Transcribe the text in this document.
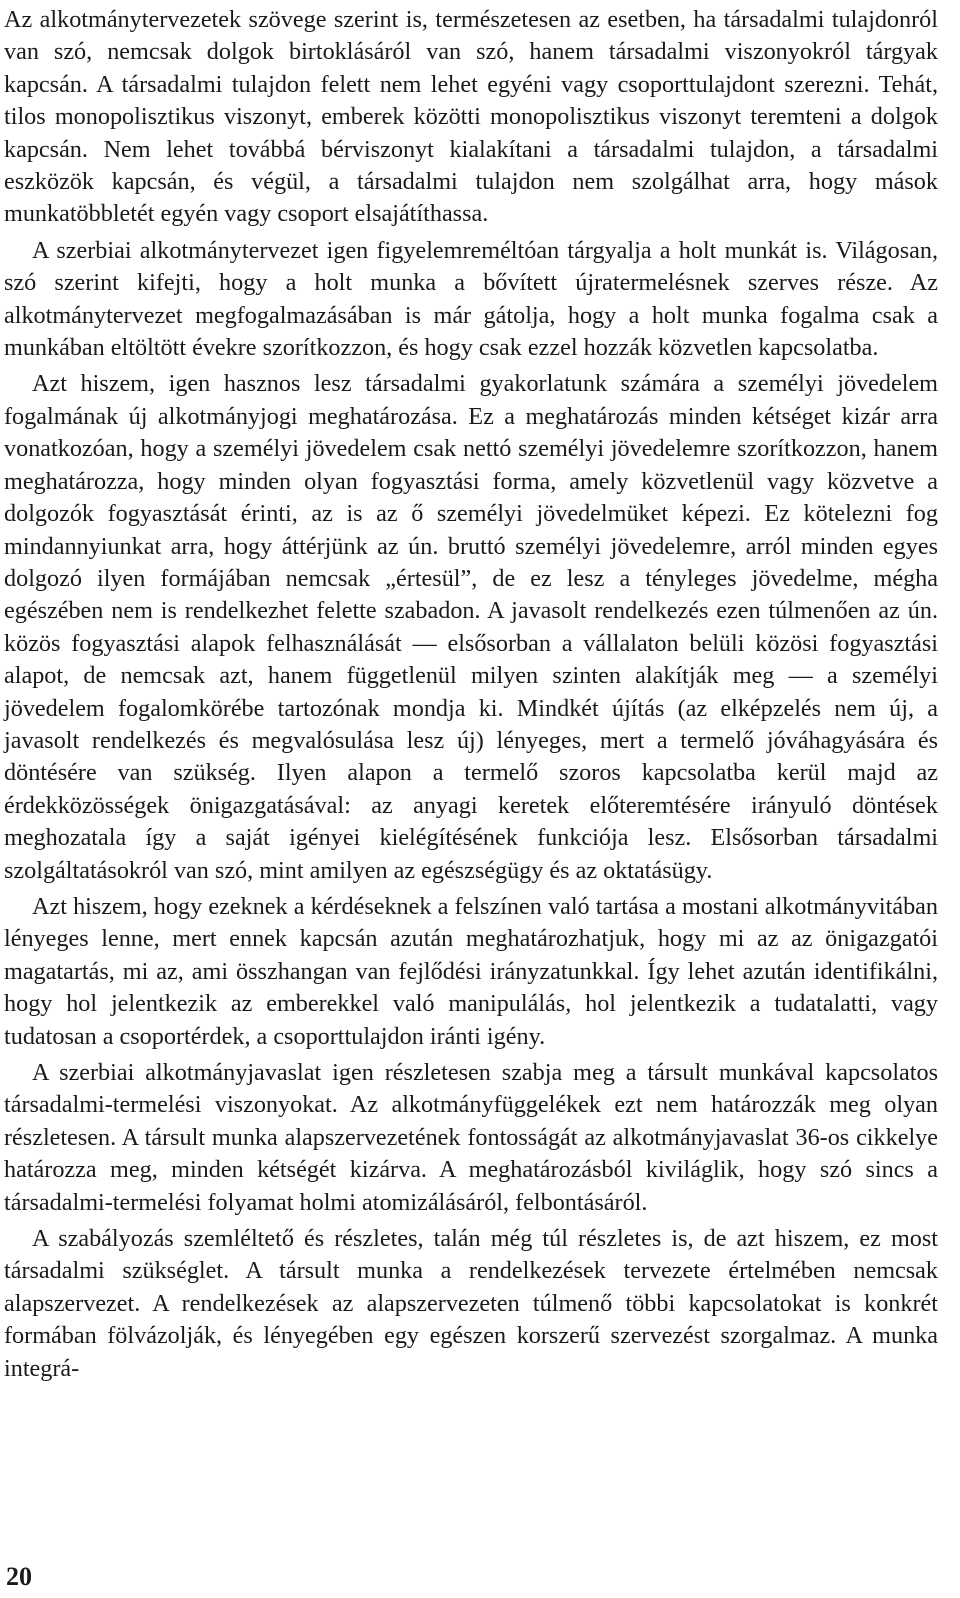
Az alkotmánytervezetek szövege szerint is, természetesen az esetben, ha társadalmi tulajdonról van szó, nemcsak dolgok birtoklásáról van szó, hanem társadalmi viszonyokról tárgyak kapcsán. A társadalmi tulajdon felett nem lehet egyéni vagy csoporttulajdont szerezni. Tehát, tilos monopolisztikus viszonyt, emberek közötti monopolisztikus viszonyt teremteni a dolgok kapcsán. Nem lehet továbbá bérviszonyt kialakítani a társadalmi tulajdon, a társadalmi eszközök kapcsán, és végül, a társadalmi tulajdon nem szolgálhat arra, hogy mások munkatöbbletét egyén vagy csoport elsajátíthassa.

A szerbiai alkotmánytervezet igen figyelemreméltóan tárgyalja a holt munkát is. Világosan, szó szerint kifejti, hogy a holt munka a bővített újratermelésnek szerves része. Az alkotmánytervezet megfogalmazásában is már gátolja, hogy a holt munka fogalma csak a munkában eltöltött évekre szorítkozzon, és hogy csak ezzel hozzák közvetlen kapcsolatba.

Azt hiszem, igen hasznos lesz társadalmi gyakorlatunk számára a személyi jövedelem fogalmának új alkotmányjogi meghatározása. Ez a meghatározás minden kétséget kizár arra vonatkozóan, hogy a személyi jövedelem csak nettó személyi jövedelemre szorítkozzon, hanem meghatározza, hogy minden olyan fogyasztási forma, amely közvetlenül vagy közvetve a dolgozók fogyasztását érinti, az is az ő személyi jövedelmüket képezi. Ez kötelezni fog mindannyiunkat arra, hogy áttérjünk az ún. bruttó személyi jövedelemre, arról minden egyes dolgozó ilyen formájában nemcsak „értesül”, de ez lesz a tényleges jövedelme, mégha egészében nem is rendelkezhet felette szabadon. A javasolt rendelkezés ezen túlmenően az ún. közös fogyasztási alapok felhasználását — elsősorban a vállalaton belüli közösi fogyasztási alapot, de nemcsak azt, hanem függetlenül milyen szinten alakítják meg — a személyi jövedelem fogalomkörébe tartozónak mondja ki. Mindkét újítás (az elképzelés nem új, a javasolt rendelkezés és megvalósulása lesz új) lényeges, mert a termelő jóváhagyására és döntésére van szükség. Ilyen alapon a termelő szoros kapcsolatba kerül majd az érdekközösségek önigazgatásával: az anyagi keretek előteremtésére irányuló döntések meghozatala így a saját igényei kielégítésének funkciója lesz. Elsősorban társadalmi szolgáltatásokról van szó, mint amilyen az egészségügy és az oktatásügy.

Azt hiszem, hogy ezeknek a kérdéseknek a felszínen való tartása a mostani alkotmányvitában lényeges lenne, mert ennek kapcsán azután meghatározhatjuk, hogy mi az az önigazgatói magatartás, mi az, ami összhangan van fejlődési irányzatunkkal. Így lehet azután identifikálni, hogy hol jelentkezik az emberekkel való manipulálás, hol jelentkezik a tudatalatti, vagy tudatosan a csoportérdek, a csoporttulajdon iránti igény.

A szerbiai alkotmányjavaslat igen részletesen szabja meg a társult munkával kapcsolatos társadalmi-termelési viszonyokat. Az alkotmányfüggelékek ezt nem határozzák meg olyan részletesen. A társult munka alapszervezetének fontosságát az alkotmányjavaslat 36-os cikkelye határozza meg, minden kétségét kizárva. A meghatározásból kiviláglik, hogy szó sincs a társadalmi-termelési folyamat holmi atomizálásáról, felbontásáról.

A szabályozás szemléltető és részletes, talán még túl részletes is, de azt hiszem, ez most társadalmi szükséglet. A társult munka a rendelkezések tervezete értelmében nemcsak alapszervezet. A rendelkezések az alapszervezeten túlmenő többi kapcsolatokat is konkrét formában fölvázolják, és lényegében egy egészen korszerű szervezést szorgalmaz. A munka integrá-

20
